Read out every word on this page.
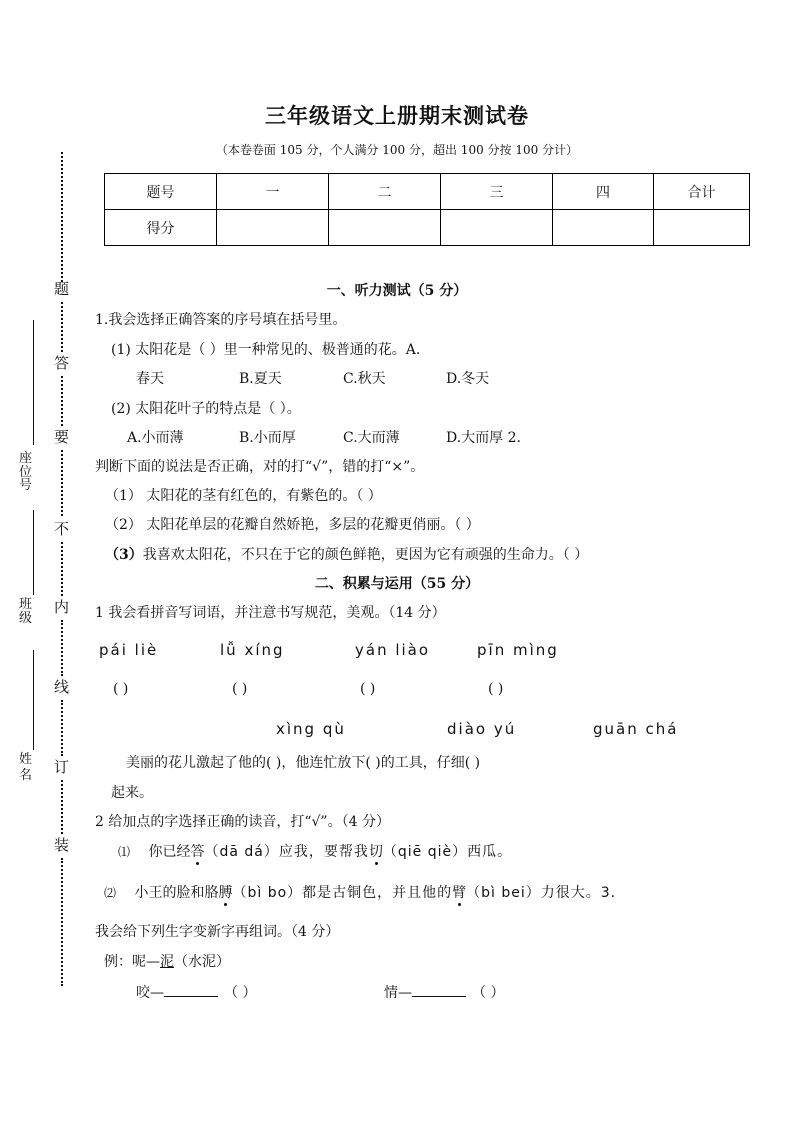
题
答
要
不
内
线
订
装
座位号
班级
姓 名
三年级语文上册期末测试卷
（本卷卷面 105 分，个人满分 100 分，超出 100 分按 100 分计）
题号	一	二	三	四	合计
得分					
一、听力测试（5 分）
1.我会选择正确答案的序号填在括号里。
(1) 太阳花是（ ）里一种常见的、极普通的花。A.
春天	B.夏天	C.秋天	D.冬天
(2) 太阳花叶子的特点是（ ）。
A.小而薄	B.小而厚	C.大而薄	D.大而厚 2.
判断下面的说法是否正确，对的打“√”，错的打“×”。
（1） 太阳花的茎有红色的，有紫色的。（ ）
（2） 太阳花单层的花瓣自然娇艳，多层的花瓣更俏丽。（ ）
（3）我喜欢太阳花，不只在于它的颜色鲜艳，更因为它有顽强的生命力。（ ）
二、积累与运用（55 分）
1 我会看拼音写词语，并注意书写规范，美观。（14 分）
pái liè	lǚ xíng	yán liào	pīn mìng
( )	( )	( )	( )
xìng qù	diào yú	guān chá
美丽的花儿激起了他的( )，他连忙放下( )的工具，仔细( )
起来。
2 给加点的字选择正确的读音，打“√”。（4 分）
⑴ 你已经答（dā dá）应我，要帮我切（qiē qiè）西瓜。
⑵ 小王的脸和胳膊（bì bo）都是古铜色，并且他的臂（bì bei）力很大。3.
我会给下列生字变新字再组词。（4 分）
例：呢—泥（水泥）
咬—	（ ）	情—	（ ）
